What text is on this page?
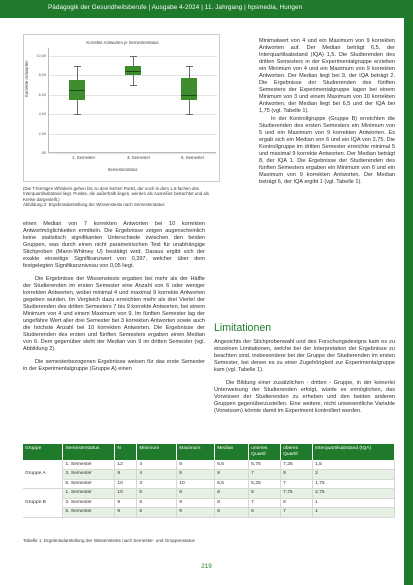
Pädagogik der Gesundheitsberufe | Ausgabe 4-2024 | 11. Jahrgang | hpsmedia, Hungen
Korrekte Antworten je Semesterstatus
Korrekte Antworten
10,00
8,00
6,00
4,00
2,00
,00
1. Semester	3. Semester	5. Semester
Semesterstatus
(Die T-förmigen Whiskers gehen bis zu dem letzten Punkt, der noch in dem 1,5-fachen des Interquartilsabstand liegt. Punkte, die außerhalb liegen, werden als Ausreißer betrachtet und als Kreise dargestellt.)
Abbildung 2: Ergebnisdarstellung der Wissenstests nach Semesterstatus

Minimalwert von 4 und ein Maximum von 9 korrekten Antworten auf. Der Median beträgt 6,5, der Interquartilsabstand (IQA) 1,5. Die Studierenden des dritten Semesters in der Experimentalgruppe erzielten ein Minimum von 4 und ein Maximum von 9 korrekten Antworten. Der Median liegt bei 9, der IQA beträgt 2. Die Ergebnisse der Studierenden des fünften Semesters der Experimentalgruppe lagen bei einem Minimum von 3 und einem Maximum von 10 korrekten Antworten, der Median liegt bei 6,5 und der IQA bei 1,75 (vgl. Tabelle 1).

In der Kontrollgruppe (Gruppe B) erreichten die Studierenden des ersten Semesters ein Minimum von 5 und ein Maximum von 9 korrekten Antworten. Es ergab sich ein Median von 6 und ein IQA von 2,75. Die Kontrollgruppe im dritten Semester erreichte minimal 5 und maximal 9 korrekte Antworten. Der Median beträgt 8, der IQA 1. Die Ergebnisse der Studierenden des fünften Semesters ergaben ein Minimum von 6 und ein Maximum von 9 korrekten Antworten. Der Median beträgt 6, der IQA ergibt 1 (vgl. Tabelle 1).

einen Median von 7 korrekten Antworten bei 10 korrekten Antwortmöglichkeiten ermitteln. Die Ergebnisse zeigen augenscheinlich keine statistisch signifikanten Unterschiede zwischen den beiden Gruppen, was durch einen nicht parametrischen Test für unabhängige Stichproben (Mann-Whitney U) bestätigt wird. Daraus ergibt sich der exakte einseitige Signifikanzwert von 0,397, welcher über dem festgelegten Signifikanzniveau von 0,05 liegt.

Die Ergebnisse der Wissenstests ergaben bei mehr als der Hälfte der Studierenden im ersten Semester eine Anzahl von 6 oder weniger korrekten Antworten, wobei minimal 4 und maximal 9 korrekte Antworten gegeben wurden. Im Vergleich dazu erreichten mehr als drei Viertel der Studierenden des dritten Semesters 7 bis 9 korrekte Antworten, bei einem Minimum von 4 und einem Maximum von 9. Im fünften Semester lag der ungefähre Wert aller drei Semester bei 3 korrekten Antworten sowie auch die höchste Anzahl bei 10 korrekten Antworten. Die Ergebnisse der Studierenden des ersten und fünften Semesters ergaben einen Median von 6. Dem gegenüber steht der Median von 9 im dritten Semester (vgl. Abbildung 2).

Die semesterbezogenen Ergebnisse weisen für das erste Semester in der Experimentalgruppe (Gruppe A) einen

Limitationen

Angesichts der Stichprobenwahl und des Forschungsdesigns kam es zu einzelnen Limitationen, welche bei der Interpretation der Ergebnisse zu beachten sind, insbesondere bei der Gruppe der Studierenden im ersten Semester, bei denen es zu einer Zugehörigkeit zur Experimentalgruppe kam (vgl. Tabelle 1).

Die Bildung einer zusätzlichen - dritten - Gruppe, in der keinerlei Unterweisung der Studierenden erfolgt, würde es ermöglichen, das Vorwissen der Studierenden zu erheben und den beiden anderen Gruppen gegenüberzustellen. Eine weitere, nicht unwesentliche Variable (Vorwissen) könnte damit im Experiment kontrolliert werden.

Gruppe	Semesterstatus	N	Minimum	Maximum	Median	unteres Quartil	oberes Quartil	Interquartilsabstand (IQA)
Gruppe A	1. Semester	12	4	8	6,5	5,75	7,25	1,5
	3. Semester	9	4	9	8	7	9	2
	5. Semester	10	3	10	6,5	5,25	7	1,75
Gruppe B	1. Semester	10	5	8	6	5	7,75	2,75
	3. Semester	9	5	9	8	7	8	1
	5. Semester	9	6	9	6	6	7	1
Tabelle 1: Ergebnisdarstellung der Wissenstests nach Semester- und Gruppenstatus
219
